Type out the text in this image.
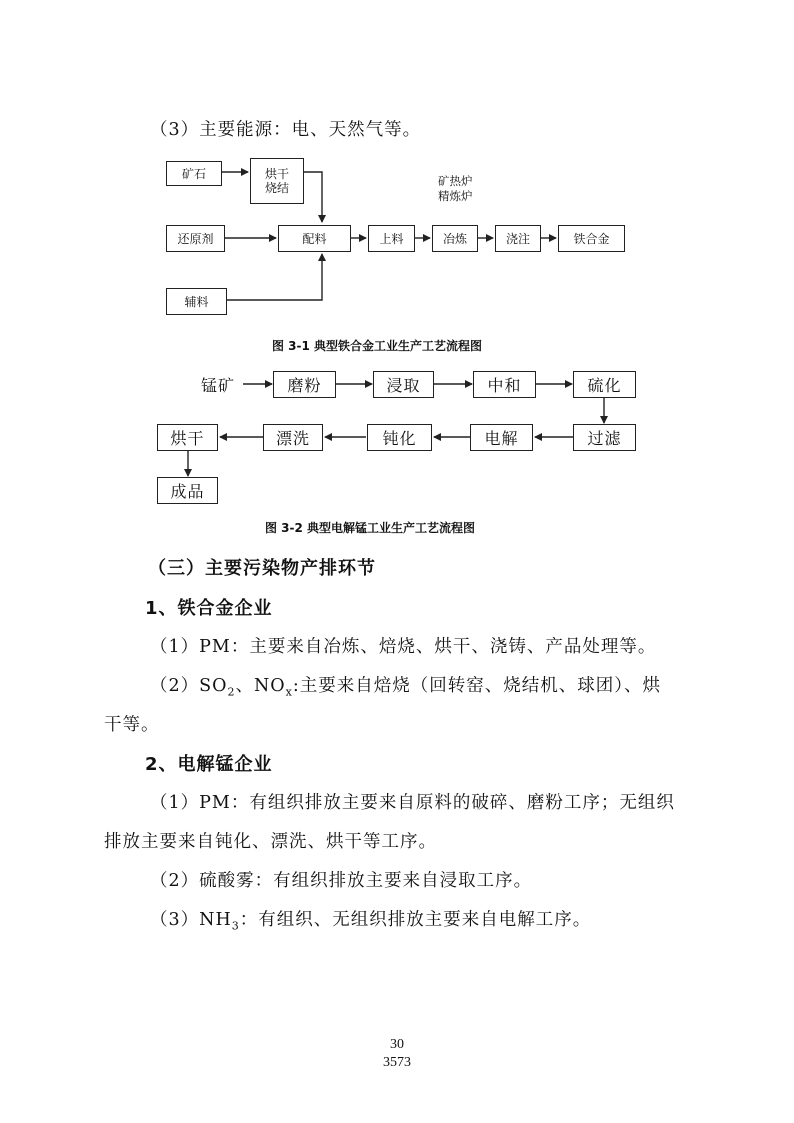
（3）主要能源：电、天然气等。
矿石	烘干
烧结	矿热炉
精炼炉
还原剂	配料	上料	冶炼	浇注	铁合金
辅料
图 3-1 典型铁合金工业生产工艺流程图
锰矿	磨粉	浸取	中和	硫化
过滤
电解
钝化
漂洗
烘干
成品
图 3-2 典型电解锰工业生产工艺流程图
（三）主要污染物产排环节
1、铁合金企业
（1）PM：主要来自冶炼、焙烧、烘干、浇铸、产品处理等。
$(2)SO_2$、$NO_x$:主要来自焙烧（回转窑、烧结机、球团）、烘
干等。
2、电解锰企业
（1）PM：有组织排放主要来自原料的破碎、磨粉工序；无组织
排放主要来自钝化、漂洗、烘干等工序。
（2）硫酸雾：有组织排放主要来自浸取工序。
$(3)NH_3$：有组织、无组织排放主要来自电解工序。
30
3573
